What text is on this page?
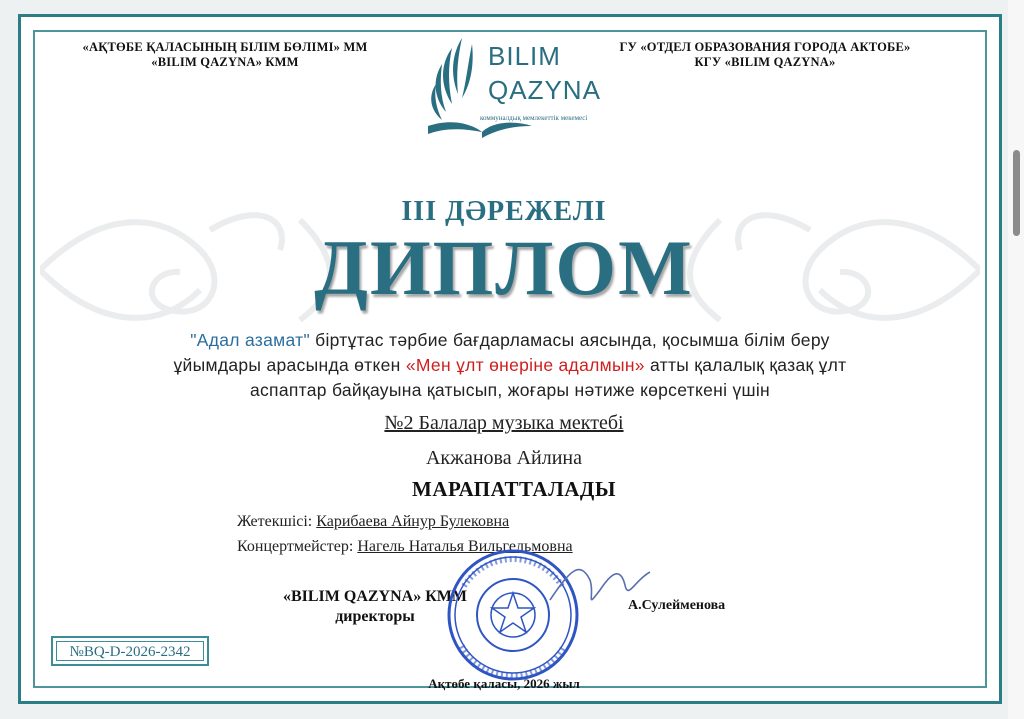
«АҚТӨБЕ ҚАЛАСЫНЫҢ БІЛІМ БӨЛІМІ» ММ
«BILIM QAZYNA» КММ
ГУ «ОТДЕЛ ОБРАЗОВАНИЯ ГОРОДА АКТОБЕ»
КГУ «BILIM QAZYNA»
BILIM
QAZYNA
коммуналдық мемлекеттік мекемесі
ІІІ ДӘРЕЖЕЛІ
ДИПЛОМ
"Адал азамат" біртұтас тәрбие бағдарламасы аясында, қосымша білім беру ұйымдары арасында өткен «Мен ұлт өнеріне адалмын» атты қалалық қазақ ұлт аспаптар байқауына қатысып, жоғары нәтиже көрсеткені үшін
№2 Балалар музыка мектебі
Акжанова Айлина
МАРАПАТТАЛАДЫ
Жетекшісі: Карибаева Айнур Булековна
Концертмейстер: Нагель Наталья Вильгельмовна
«BILIM QAZYNA» КММ
директоры
А.Сулейменова
№BQ-D-2026-2342
Ақтөбе қаласы, 2026 жыл
